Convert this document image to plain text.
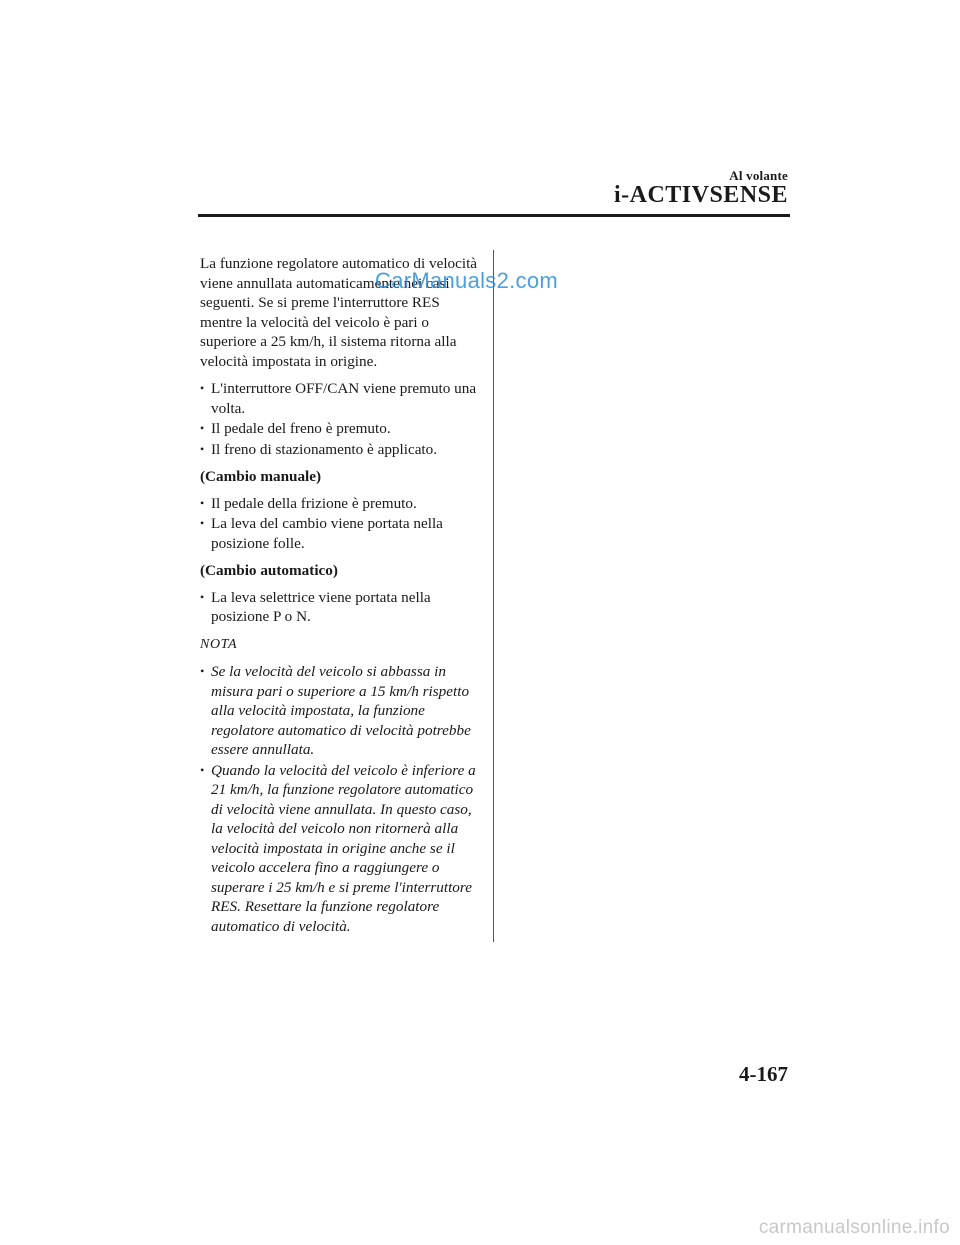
Al volante
i-ACTIVSENSE

La funzione regolatore automatico di velocità viene annullata automaticamente nei casi seguenti. Se si preme l'interruttore RES mentre la velocità del veicolo è pari o superiore a 25 km/h, il sistema ritorna alla velocità impostata in origine.

• L'interruttore OFF/CAN viene premuto una volta.
• Il pedale del freno è premuto.
• Il freno di stazionamento è applicato.

(Cambio manuale)

• Il pedale della frizione è premuto.
• La leva del cambio viene portata nella posizione folle.

(Cambio automatico)

• La leva selettrice viene portata nella posizione P o N.

NOTA

• Se la velocità del veicolo si abbassa in misura pari o superiore a 15 km/h rispetto alla velocità impostata, la funzione regolatore automatico di velocità potrebbe essere annullata.
• Quando la velocità del veicolo è inferiore a 21 km/h, la funzione regolatore automatico di velocità viene annullata. In questo caso, la velocità del veicolo non ritornerà alla velocità impostata in origine anche se il veicolo accelera fino a raggiungere o superare i 25 km/h e si preme l'interruttore RES. Resettare la funzione regolatore automatico di velocità.
CarManuals2.com
4-167
carmanualsonline.info
